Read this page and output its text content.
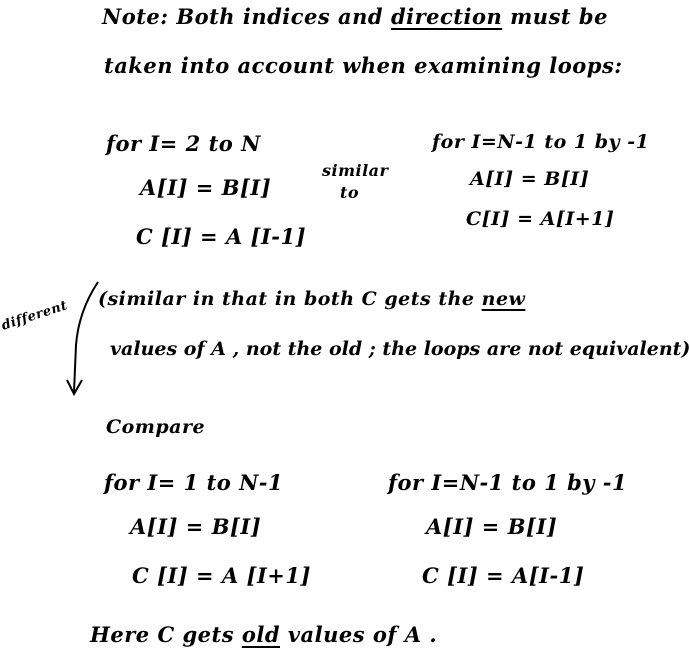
Note: Both indices and direction must be
taken into account when examining loops:
for I= 2 to N
A[I] = B[I]
C [I] = A [I-1]
similar
to
for I=N-1 to 1 by -1
A[I] = B[I]
C[I] = A[I+1]
different (similar in that in both C gets the new
values of A , not the old ; the loops are not equivalent)
Compare
for I= 1 to N-1
A[I] = B[I]
C [I] = A [I+1]
for I=N-1 to 1 by -1
A[I] = B[I]
C [I] = A[I-1]
Here C gets old values of A .
